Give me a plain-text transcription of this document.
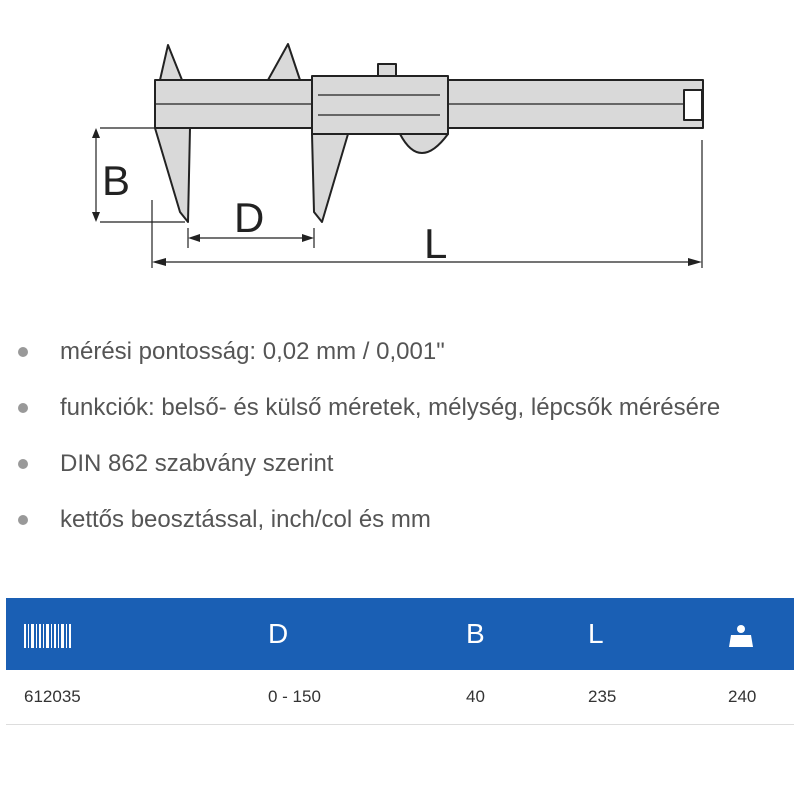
B
D
L
mérési pontosság: 0,02 mm / 0,001"
funkciók: belső- és külső méretek, mélység, lépcsők mérésére
DIN 862 szabvány szerint
kettős beosztással, inch/col és mm
	D	B	L	
612035	0 - 150	40	235	240
